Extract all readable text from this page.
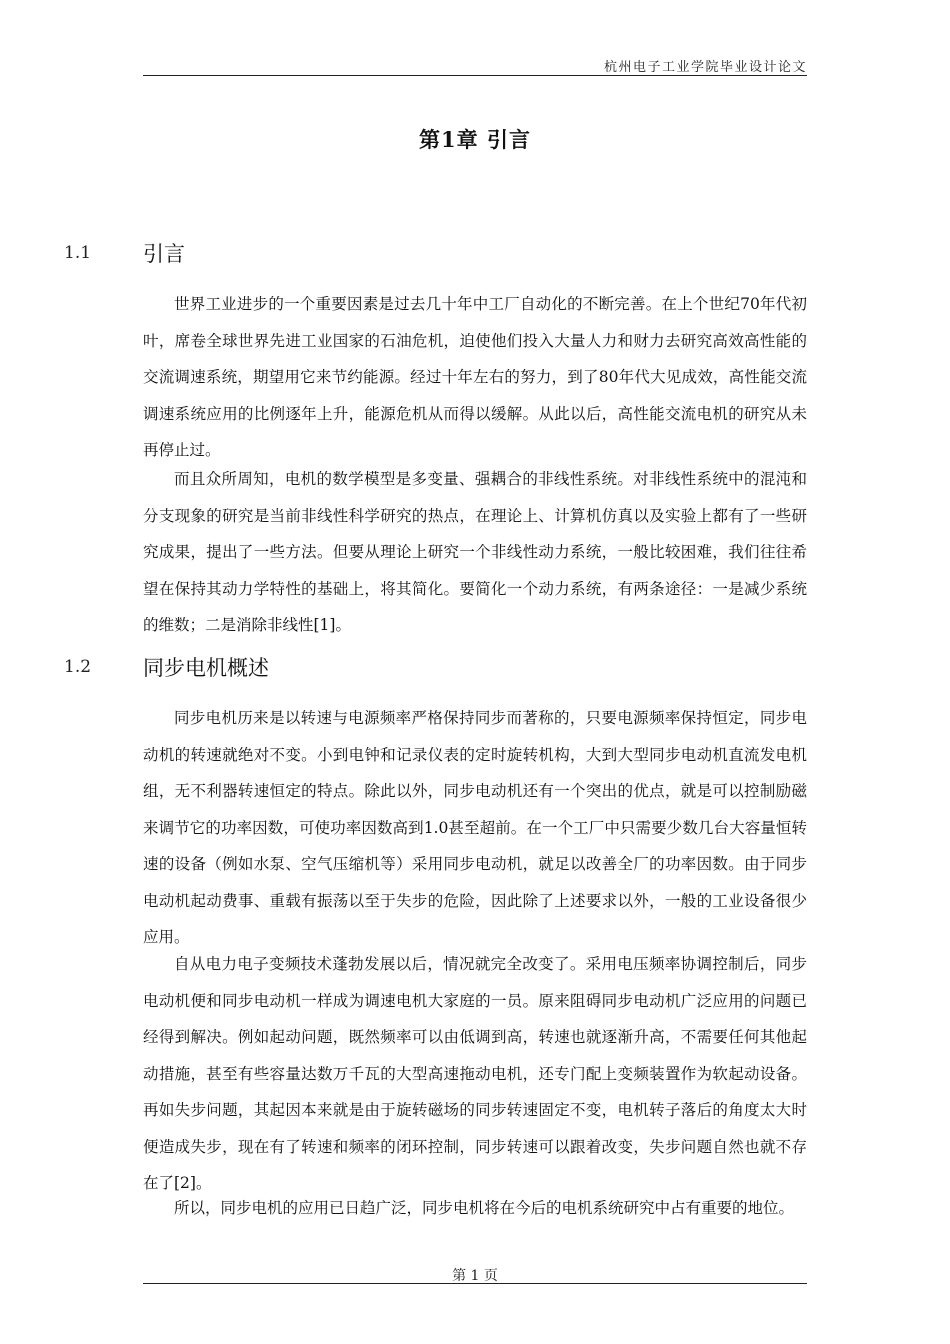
杭州电子工业学院毕业设计论文
第1章 引言
1.1 引言

世界工业进步的一个重要因素是过去几十年中工厂自动化的不断完善。在上个世纪70年代初叶，席卷全球世界先进工业国家的石油危机，迫使他们投入大量人力和财力去研究高效高性能的交流调速系统，期望用它来节约能源。经过十年左右的努力，到了80年代大见成效，高性能交流调速系统应用的比例逐年上升，能源危机从而得以缓解。从此以后，高性能交流电机的研究从未再停止过。

而且众所周知，电机的数学模型是多变量、强耦合的非线性系统。对非线性系统中的混沌和分支现象的研究是当前非线性科学研究的热点，在理论上、计算机仿真以及实验上都有了一些研究成果，提出了一些方法。但要从理论上研究一个非线性动力系统，一般比较困难，我们往往希望在保持其动力学特性的基础上，将其简化。要简化一个动力系统，有两条途径：一是减少系统的维数；二是消除非线性[1]。

1.2 同步电机概述

同步电机历来是以转速与电源频率严格保持同步而著称的，只要电源频率保持恒定，同步电动机的转速就绝对不变。小到电钟和记录仪表的定时旋转机构，大到大型同步电动机直流发电机组，无不利器转速恒定的特点。除此以外，同步电动机还有一个突出的优点，就是可以控制励磁来调节它的功率因数，可使功率因数高到1.0甚至超前。在一个工厂中只需要少数几台大容量恒转速的设备（例如水泵、空气压缩机等）采用同步电动机，就足以改善全厂的功率因数。由于同步电动机起动费事、重载有振荡以至于失步的危险，因此除了上述要求以外，一般的工业设备很少应用。

自从电力电子变频技术蓬勃发展以后，情况就完全改变了。采用电压频率协调控制后，同步电动机便和同步电动机一样成为调速电机大家庭的一员。原来阻碍同步电动机广泛应用的问题已经得到解决。例如起动问题，既然频率可以由低调到高，转速也就逐渐升高，不需要任何其他起动措施，甚至有些容量达数万千瓦的大型高速拖动电机，还专门配上变频装置作为软起动设备。再如失步问题，其起因本来就是由于旋转磁场的同步转速固定不变，电机转子落后的角度太大时便造成失步，现在有了转速和频率的闭环控制，同步转速可以跟着改变，失步问题自然也就不存在了[2]。

所以，同步电机的应用已日趋广泛，同步电机将在今后的电机系统研究中占有重要的地位。

第 1 页
